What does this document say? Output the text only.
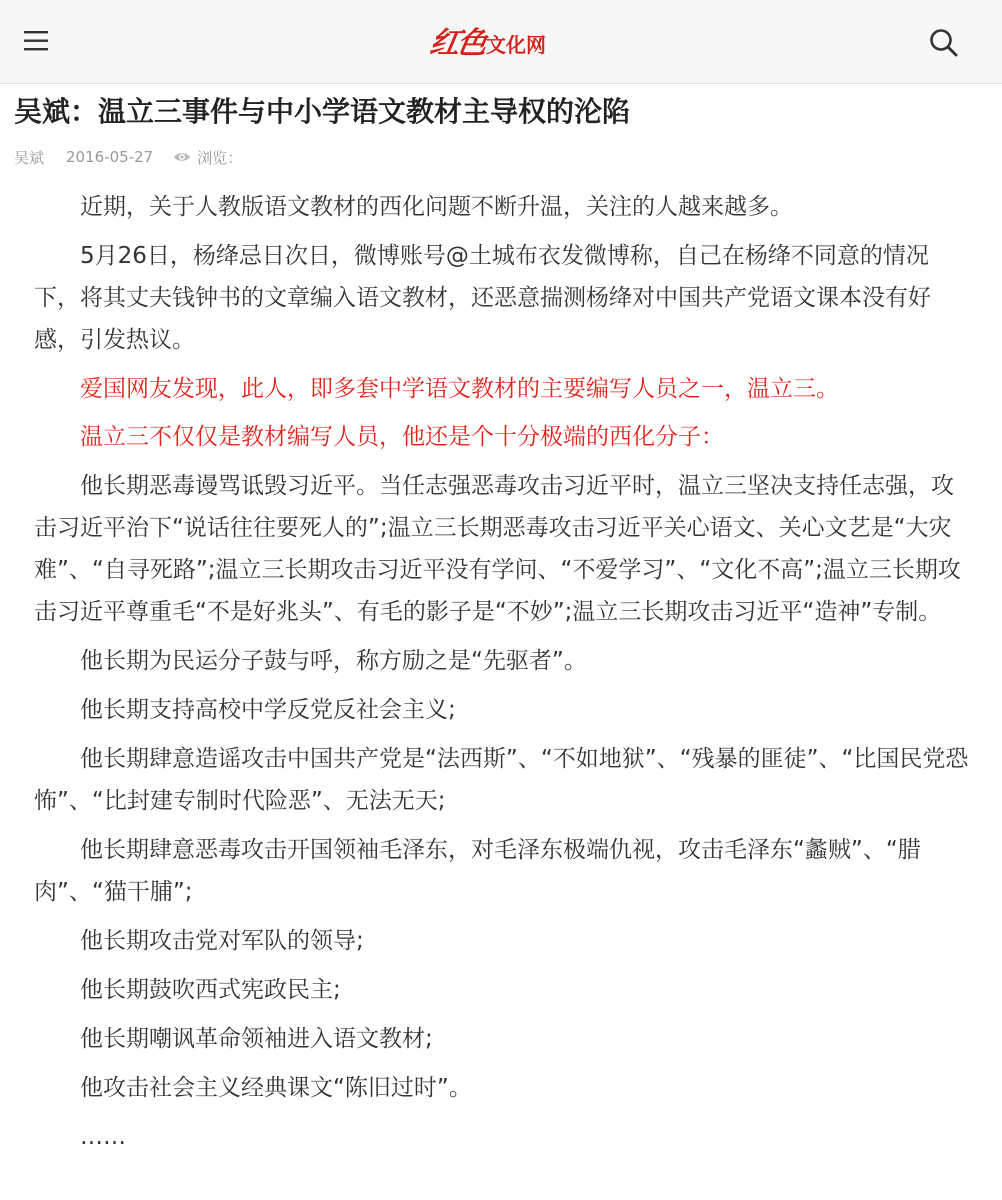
红色
文化网
吴斌：温立三事件与中小学语文教材主导权的沦陷
吴斌 2016-05-27	浏览：

近期，关于人教版语文教材的西化问题不断升温，关注的人越来越多。

5月26日，杨绛忌日次日，微博账号@土城布衣发微博称，自己在杨绛不同意的情况下，将其丈夫钱钟书的文章编入语文教材，还恶意揣测杨绛对中国共产党语文课本没有好感，引发热议。

爱国网友发现，此人，即多套中学语文教材的主要编写人员之一，温立三。

温立三不仅仅是教材编写人员，他还是个十分极端的西化分子：

他长期恶毒谩骂诋毁习近平。当任志强恶毒攻击习近平时，温立三坚决支持任志强，攻击习近平治下“说话往往要死人的”;温立三长期恶毒攻击习近平关心语文、关心文艺是“大灾难”、“自寻死路”;温立三长期攻击习近平没有学问、“不爱学习”、“文化不高”;温立三长期攻击习近平尊重毛“不是好兆头”、有毛的影子是“不妙”;温立三长期攻击习近平“造神”专制。

他长期为民运分子鼓与呼，称方励之是“先驱者”。

他长期支持高校中学反党反社会主义;

他长期肆意造谣攻击中国共产党是“法西斯”、“不如地狱”、“残暴的匪徒”、“比国民党恐怖”、“比封建专制时代险恶”、无法无天;

他长期肆意恶毒攻击开国领袖毛泽东，对毛泽东极端仇视，攻击毛泽东“蠡贼”、“腊肉”、“猫干脯”;

他长期攻击党对军队的领导;

他长期鼓吹西式宪政民主;

他长期嘲讽革命领袖进入语文教材;

他攻击社会主义经典课文“陈旧过时”。

……
